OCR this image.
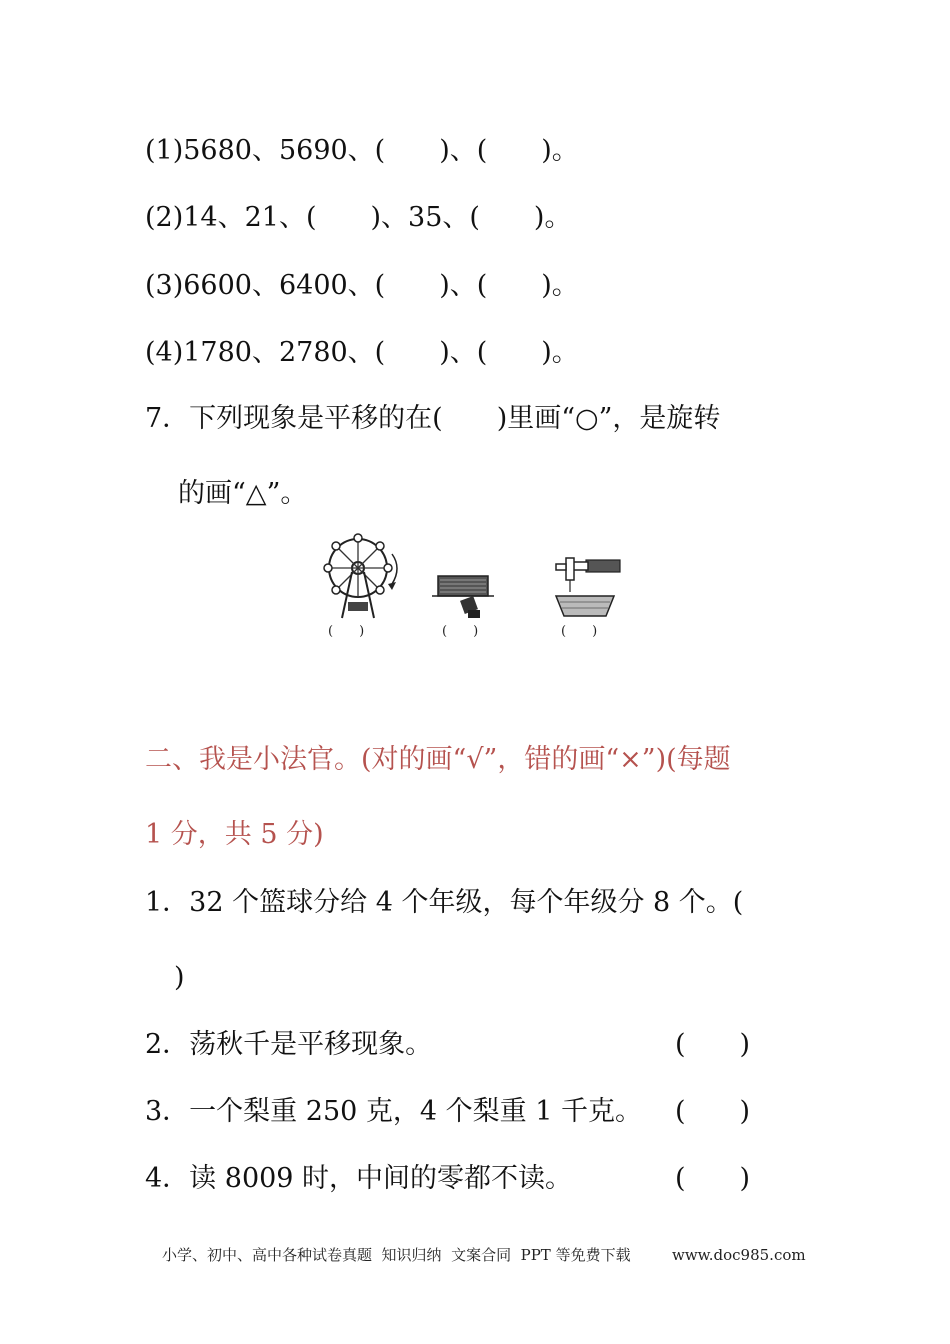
(1)5680、5690、(　　)、(　　)。
(2)14、21、(　　)、35、(　　)。
(3)6600、6400、(　　)、(　　)。
(4)1780、2780、(　　)、(　　)。
7．下列现象是平移的在(　　)里画“○”，是旋转
的画“△”。
(　　)	(　　)	(　　)
二、我是小法官。(对的画“√”，错的画“×”)(每题
1 分，共 5 分)
1．32 个篮球分给 4 个年级，每个年级分 8 个。(
)
2．荡秋千是平移现象。	(　　)
3．一个梨重 250 克，4 个梨重 1 千克。 (　　)
4．读 8009 时，中间的零都不读。	(　　)
小学、初中、高中各种试卷真题  知识归纳  文案合同  PPT 等免费下载	www.doc985.com
